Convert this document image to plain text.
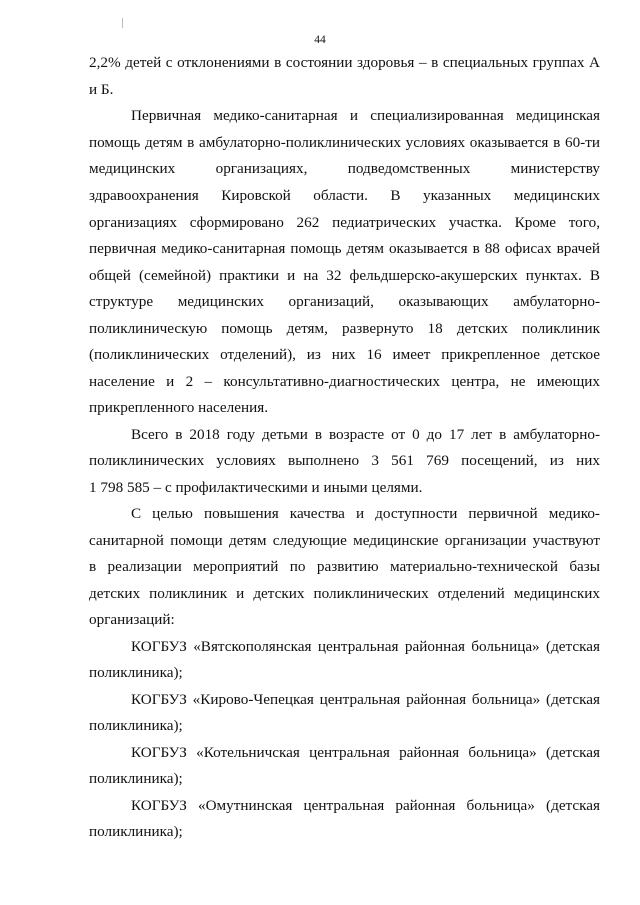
44
2,2% детей с отклонениями в состоянии здоровья – в специальных группах А
и Б.
Первичная медико-санитарная и специализированная медицинская
помощь детям в амбулаторно-поликлинических условиях оказывается в 60-ти
медицинских организациях, подведомственных министерству
здравоохранения Кировской области. В указанных медицинских
организациях сформировано 262 педиатрических участка. Кроме того,
первичная медико-санитарная помощь детям оказывается в 88 офисах врачей
общей (семейной) практики и на 32 фельдшерско-акушерских пунктах. В
структуре медицинских организаций, оказывающих амбулаторно-
поликлиническую помощь детям, развернуто 18 детских поликлиник
(поликлинических отделений), из них 16 имеет прикрепленное детское
население и 2 – консультативно-диагностических центра, не имеющих
прикрепленного населения.
Всего в 2018 году детьми в возрасте от 0 до 17 лет в амбулаторно-
поликлинических условиях выполнено 3 561 769 посещений, из них
1 798 585 – с профилактическими и иными целями.
С целью повышения качества и доступности первичной медико-
санитарной помощи детям следующие медицинские организации участвуют
в реализации мероприятий по развитию материально-технической базы
детских поликлиник и детских поликлинических отделений медицинских
организаций:
КОГБУЗ «Вятскополянская центральная районная больница» (детская
поликлиника);
КОГБУЗ «Кирово-Чепецкая центральная районная больница» (детская
поликлиника);
КОГБУЗ «Котельничская центральная районная больница» (детская
поликлиника);
КОГБУЗ «Омутнинская центральная районная больница» (детская
поликлиника);
